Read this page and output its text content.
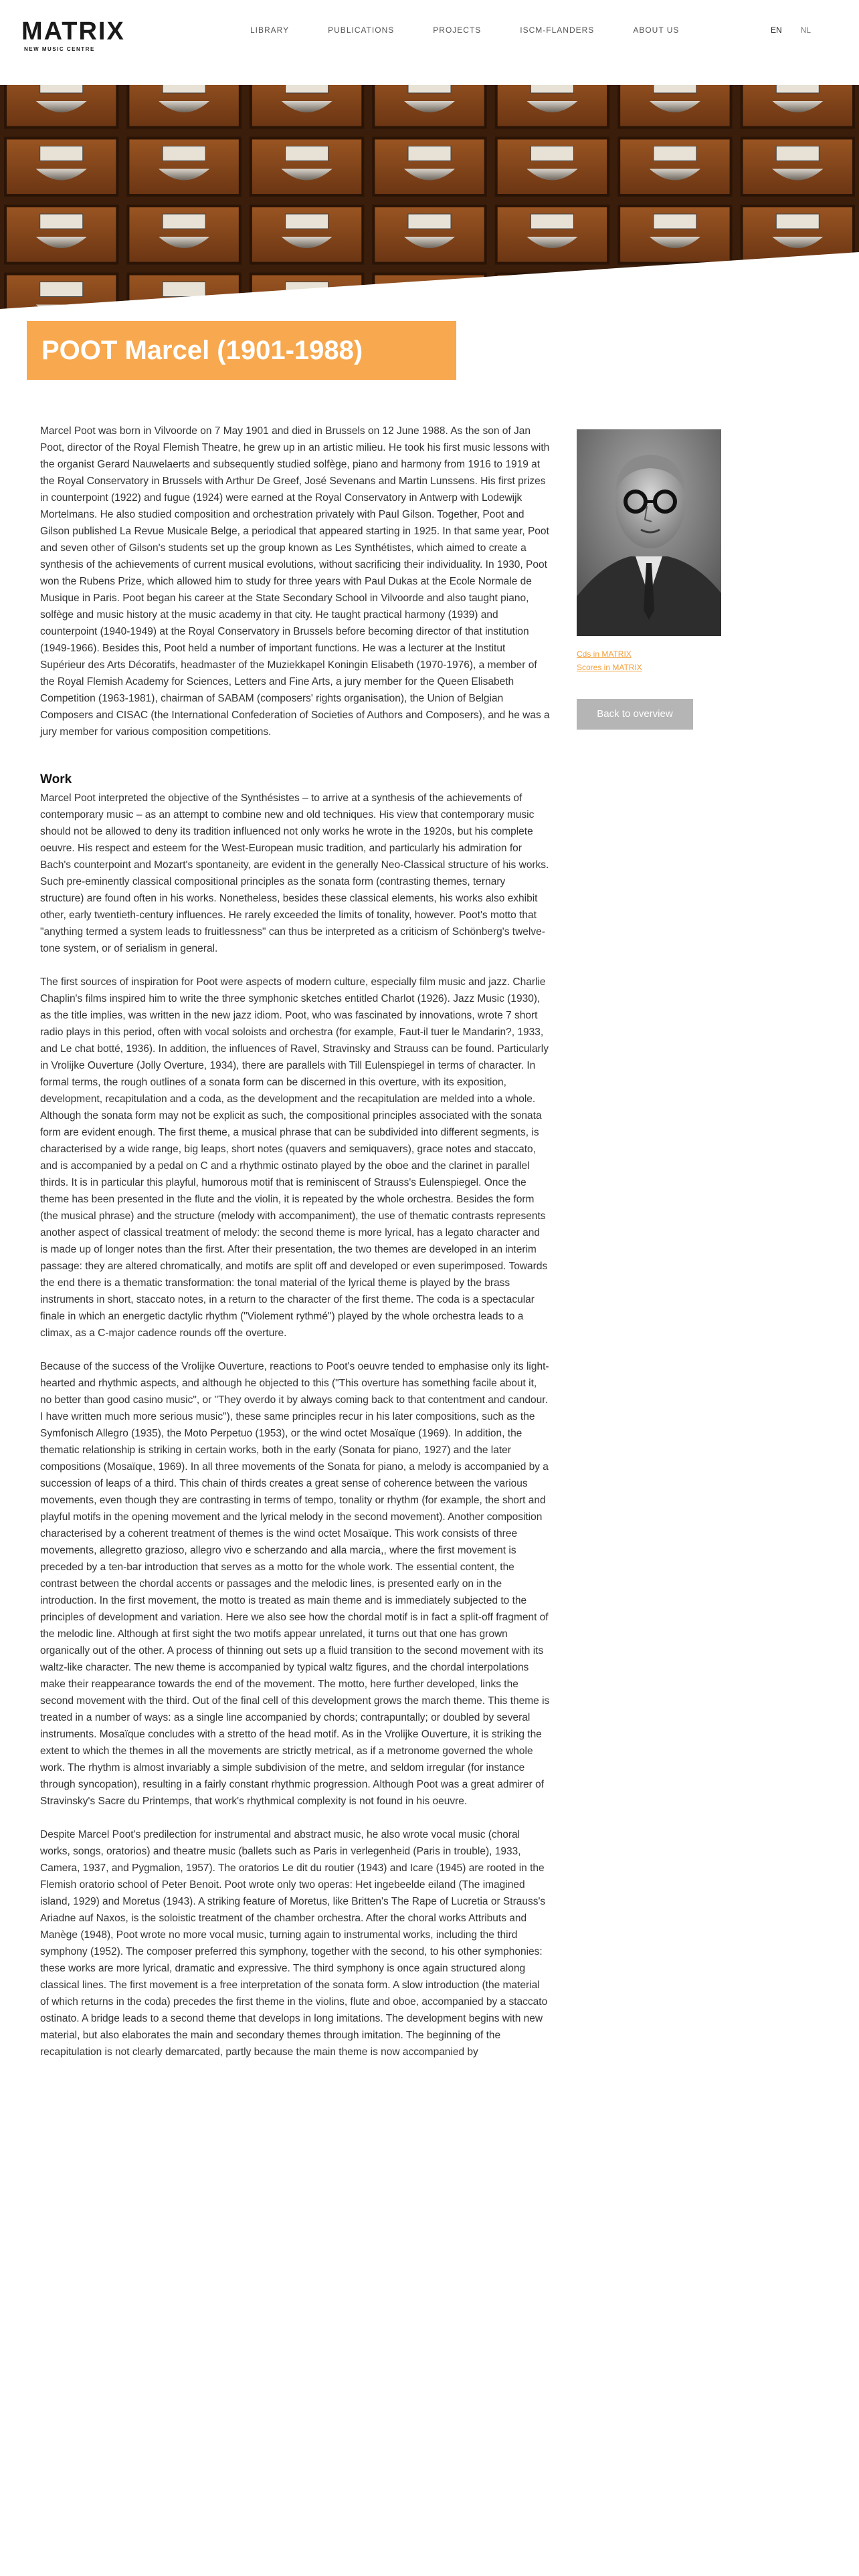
MATRIX
NEW MUSIC CENTRE
LIBRARY	PUBLICATIONS	PROJECTS	ISCM-FLANDERS	ABOUT US	EN NL
POOT Marcel (1901-1988)

Marcel Poot was born in Vilvoorde on 7 May 1901 and died in Brussels on 12 June 1988. As the son of Jan Poot, director of the Royal Flemish Theatre, he grew up in an artistic milieu. He took his first music lessons with the organist Gerard Nauwelaerts and subsequently studied solfège, piano and harmony from 1916 to 1919 at the Royal Conservatory in Brussels with Arthur De Greef, José Sevenans and Martin Lunssens. His first prizes in counterpoint (1922) and fugue (1924) were earned at the Royal Conservatory in Antwerp with Lodewijk Mortelmans. He also studied composition and orchestration privately with Paul Gilson. Together, Poot and Gilson published La Revue Musicale Belge, a periodical that appeared starting in 1925. In that same year, Poot and seven other of Gilson's students set up the group known as Les Synthétistes, which aimed to create a synthesis of the achievements of current musical evolutions, without sacrificing their individuality. In 1930, Poot won the Rubens Prize, which allowed him to study for three years with Paul Dukas at the Ecole Normale de Musique in Paris. Poot began his career at the State Secondary School in Vilvoorde and also taught piano, solfège and music history at the music academy in that city. He taught practical harmony (1939) and counterpoint (1940-1949) at the Royal Conservatory in Brussels before becoming director of that institution (1949-1966). Besides this, Poot held a number of important functions. He was a lecturer at the Institut Supérieur des Arts Décoratifs, headmaster of the Muziekkapel Koningin Elisabeth (1970-1976), a member of the Royal Flemish Academy for Sciences, Letters and Fine Arts, a jury member for the Queen Elisabeth Competition (1963-1981), chairman of SABAM (composers' rights organisation), the Union of Belgian Composers and CISAC (the International Confederation of Societies of Authors and Composers), and he was a jury member for various composition competitions.

Work

Marcel Poot interpreted the objective of the Synthésistes – to arrive at a synthesis of the achievements of contemporary music – as an attempt to combine new and old techniques. His view that contemporary music should not be allowed to deny its tradition influenced not only works he wrote in the 1920s, but his complete oeuvre. His respect and esteem for the West-European music tradition, and particularly his admiration for Bach's counterpoint and Mozart's spontaneity, are evident in the generally Neo-Classical structure of his works. Such pre-eminently classical compositional principles as the sonata form (contrasting themes, ternary structure) are found often in his works. Nonetheless, besides these classical elements, his works also exhibit other, early twentieth-century influences. He rarely exceeded the limits of tonality, however. Poot's motto that "anything termed a system leads to fruitlessness" can thus be interpreted as a criticism of Schönberg's twelve-tone system, or of serialism in general.

The first sources of inspiration for Poot were aspects of modern culture, especially film music and jazz. Charlie Chaplin's films inspired him to write the three symphonic sketches entitled Charlot (1926). Jazz Music (1930), as the title implies, was written in the new jazz idiom. Poot, who was fascinated by innovations, wrote 7 short radio plays in this period, often with vocal soloists and orchestra (for example, Faut-il tuer le Mandarin?, 1933, and Le chat botté, 1936). In addition, the influences of Ravel, Stravinsky and Strauss can be found. Particularly in Vrolijke Ouverture (Jolly Overture, 1934), there are parallels with Till Eulenspiegel in terms of character. In formal terms, the rough outlines of a sonata form can be discerned in this overture, with its exposition, development, recapitulation and a coda, as the development and the recapitulation are melded into a whole. Although the sonata form may not be explicit as such, the compositional principles associated with the sonata form are evident enough. The first theme, a musical phrase that can be subdivided into different segments, is characterised by a wide range, big leaps, short notes (quavers and semiquavers), grace notes and staccato, and is accompanied by a pedal on C and a rhythmic ostinato played by the oboe and the clarinet in parallel thirds. It is in particular this playful, humorous motif that is reminiscent of Strauss's Eulenspiegel. Once the theme has been presented in the flute and the violin, it is repeated by the whole orchestra. Besides the form (the musical phrase) and the structure (melody with accompaniment), the use of thematic contrasts represents another aspect of classical treatment of melody: the second theme is more lyrical, has a legato character and is made up of longer notes than the first. After their presentation, the two themes are developed in an interim passage: they are altered chromatically, and motifs are split off and developed or even superimposed. Towards the end there is a thematic transformation: the tonal material of the lyrical theme is played by the brass instruments in short, staccato notes, in a return to the character of the first theme. The coda is a spectacular finale in which an energetic dactylic rhythm ("Violement rythmé") played by the whole orchestra leads to a climax, as a C-major cadence rounds off the overture.

Because of the success of the Vrolijke Ouverture, reactions to Poot's oeuvre tended to emphasise only its light-hearted and rhythmic aspects, and although he objected to this ("This overture has something facile about it, no better than good casino music", or "They overdo it by always coming back to that contentment and candour. I have written much more serious music"), these same principles recur in his later compositions, such as the Symfonisch Allegro (1935), the Moto Perpetuo (1953), or the wind octet Mosaïque (1969). In addition, the thematic relationship is striking in certain works, both in the early (Sonata for piano, 1927) and the later compositions (Mosaïque, 1969). In all three movements of the Sonata for piano, a melody is accompanied by a succession of leaps of a third. This chain of thirds creates a great sense of coherence between the various movements, even though they are contrasting in terms of tempo, tonality or rhythm (for example, the short and playful motifs in the opening movement and the lyrical melody in the second movement). Another composition characterised by a coherent treatment of themes is the wind octet Mosaïque. This work consists of three movements, allegretto grazioso, allegro vivo e scherzando and alla marcia,, where the first movement is preceded by a ten-bar introduction that serves as a motto for the whole work. The essential content, the contrast between the chordal accents or passages and the melodic lines, is presented early on in the introduction. In the first movement, the motto is treated as main theme and is immediately subjected to the principles of development and variation. Here we also see how the chordal motif is in fact a split-off fragment of the melodic line. Although at first sight the two motifs appear unrelated, it turns out that one has grown organically out of the other. A process of thinning out sets up a fluid transition to the second movement with its waltz-like character. The new theme is accompanied by typical waltz figures, and the chordal interpolations make their reappearance towards the end of the movement. The motto, here further developed, links the second movement with the third. Out of the final cell of this development grows the march theme. This theme is treated in a number of ways: as a single line accompanied by chords; contrapuntally; or doubled by several instruments. Mosaïque concludes with a stretto of the head motif. As in the Vrolijke Ouverture, it is striking the extent to which the themes in all the movements are strictly metrical, as if a metronome governed the whole work. The rhythm is almost invariably a simple subdivision of the metre, and seldom irregular (for instance through syncopation), resulting in a fairly constant rhythmic progression. Although Poot was a great admirer of Stravinsky's Sacre du Printemps, that work's rhythmical complexity is not found in his oeuvre.

Despite Marcel Poot's predilection for instrumental and abstract music, he also wrote vocal music (choral works, songs, oratorios) and theatre music (ballets such as Paris in verlegenheid (Paris in trouble), 1933, Camera, 1937, and Pygmalion, 1957). The oratorios Le dit du routier (1943) and Icare (1945) are rooted in the Flemish oratorio school of Peter Benoit. Poot wrote only two operas: Het ingebeelde eiland (The imagined island, 1929) and Moretus (1943). A striking feature of Moretus, like Britten's The Rape of Lucretia or Strauss's Ariadne auf Naxos, is the soloistic treatment of the chamber orchestra. After the choral works Attributs and Manège (1948), Poot wrote no more vocal music, turning again to instrumental works, including the third symphony (1952). The composer preferred this symphony, together with the second, to his other symphonies: these works are more lyrical, dramatic and expressive. The third symphony is once again structured along classical lines. The first movement is a free interpretation of the sonata form. A slow introduction (the material of which returns in the coda) precedes the first theme in the violins, flute and oboe, accompanied by a staccato ostinato. A bridge leads to a second theme that develops in long imitations. The development begins with new material, but also elaborates the main and secondary themes through imitation. The beginning of the recapitulation is not clearly demarcated, partly because the main theme is now accompanied by

Cds in MATRIX
Scores in MATRIX
Back to overview
